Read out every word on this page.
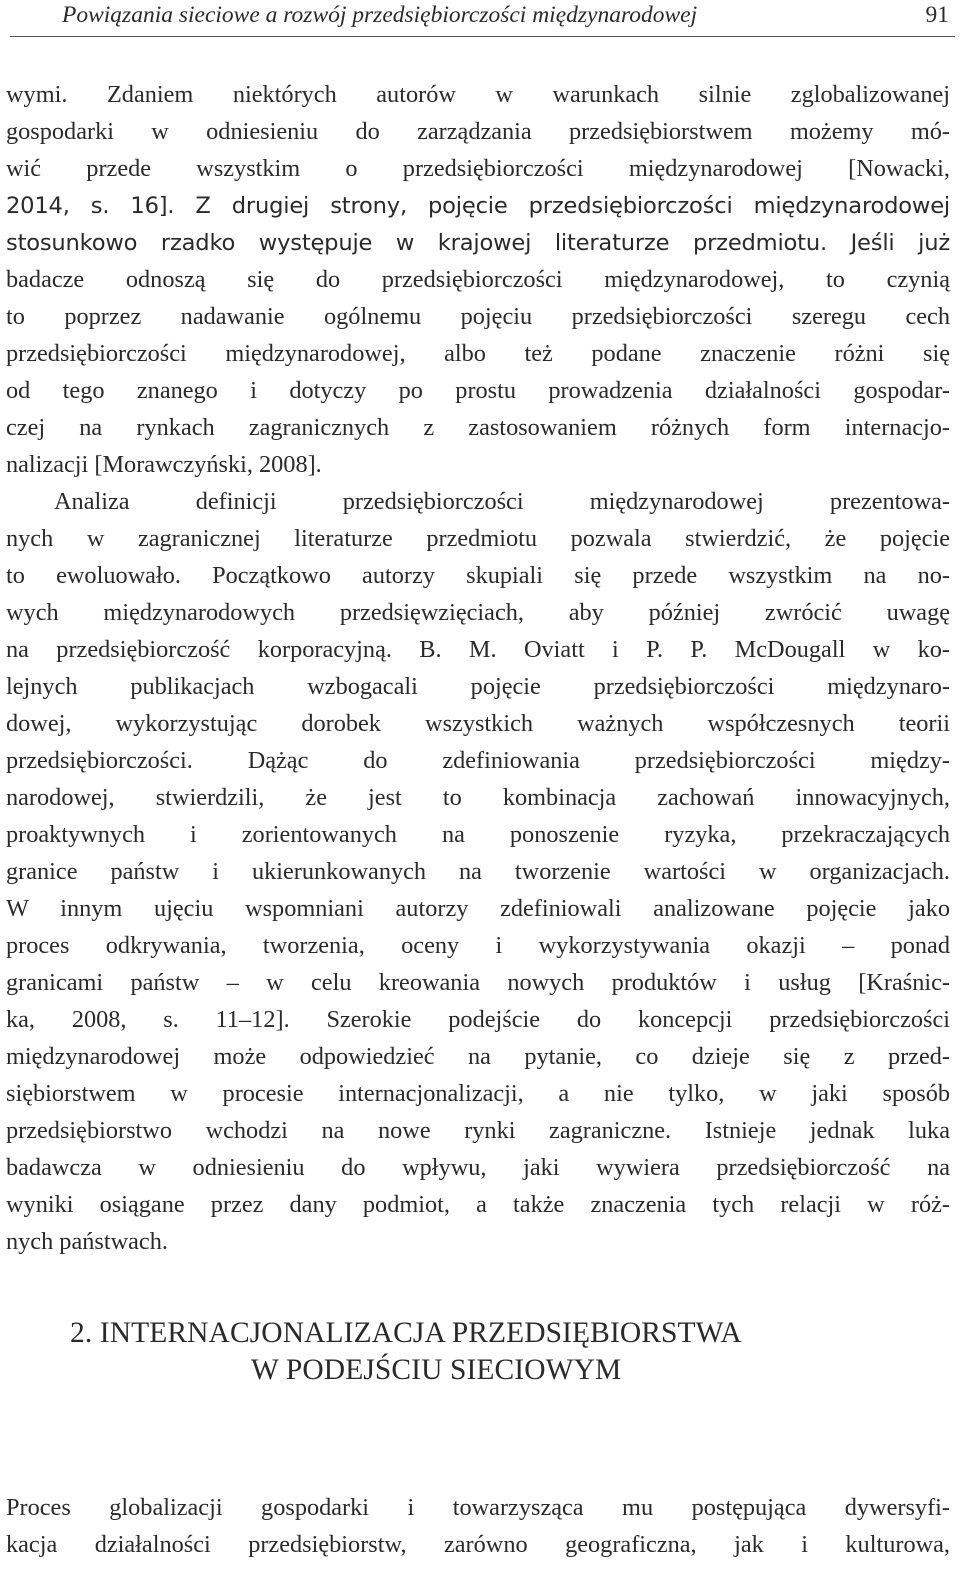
Powiązania sieciowe a rozwój przedsiębiorczości międzynarodowej	91
wymi. Zdaniem niektórych autorów w warunkach silnie zglobalizowanej
gospodarki w odniesieniu do zarządzania przedsiębiorstwem możemy mó-
wić przede wszystkim o przedsiębiorczości międzynarodowej [Nowacki,
2014, s. 16]. Z drugiej strony, pojęcie przedsiębiorczości międzynarodowej
stosunkowo rzadko występuje w krajowej literaturze przedmiotu. Jeśli już
badacze odnoszą się do przedsiębiorczości międzynarodowej, to czynią
to poprzez nadawanie ogólnemu pojęciu przedsiębiorczości szeregu cech
przedsiębiorczości międzynarodowej, albo też podane znaczenie różni się
od tego znanego i dotyczy po prostu prowadzenia działalności gospodar-
czej na rynkach zagranicznych z zastosowaniem różnych form internacjo-
nalizacji [Morawczyński, 2008].
Analiza definicji przedsiębiorczości międzynarodowej prezentowa-
nych w zagranicznej literaturze przedmiotu pozwala stwierdzić, że pojęcie
to ewoluowało. Początkowo autorzy skupiali się przede wszystkim na no-
wych międzynarodowych przedsięwzięciach, aby później zwrócić uwagę
na przedsiębiorczość korporacyjną. B. M. Oviatt i P. P. McDougall w ko-
lejnych publikacjach wzbogacali pojęcie przedsiębiorczości międzynaro-
dowej, wykorzystując dorobek wszystkich ważnych współczesnych teorii
przedsiębiorczości. Dążąc do zdefiniowania przedsiębiorczości między-
narodowej, stwierdzili, że jest to kombinacja zachowań innowacyjnych,
proaktywnych i zorientowanych na ponoszenie ryzyka, przekraczających
granice państw i ukierunkowanych na tworzenie wartości w organizacjach.
W innym ujęciu wspomniani autorzy zdefiniowali analizowane pojęcie jako
proces odkrywania, tworzenia, oceny i wykorzystywania okazji – ponad
granicami państw – w celu kreowania nowych produktów i usług [Kraśnic-
ka, 2008, s. 11–12]. Szerokie podejście do koncepcji przedsiębiorczości
międzynarodowej może odpowiedzieć na pytanie, co dzieje się z przed-
siębiorstwem w procesie internacjonalizacji, a nie tylko, w jaki sposób
przedsiębiorstwo wchodzi na nowe rynki zagraniczne. Istnieje jednak luka
badawcza w odniesieniu do wpływu, jaki wywiera przedsiębiorczość na
wyniki osiągane przez dany podmiot, a także znaczenia tych relacji w róż-
nych państwach.
2. INTERNACJONALIZACJA PRZEDSIĘBIORSTWA
W PODEJŚCIU SIECIOWYM
Proces globalizacji gospodarki i towarzysząca mu postępująca dywersyfi-
kacja działalności przedsiębiorstw, zarówno geograficzna, jak i kulturowa,
